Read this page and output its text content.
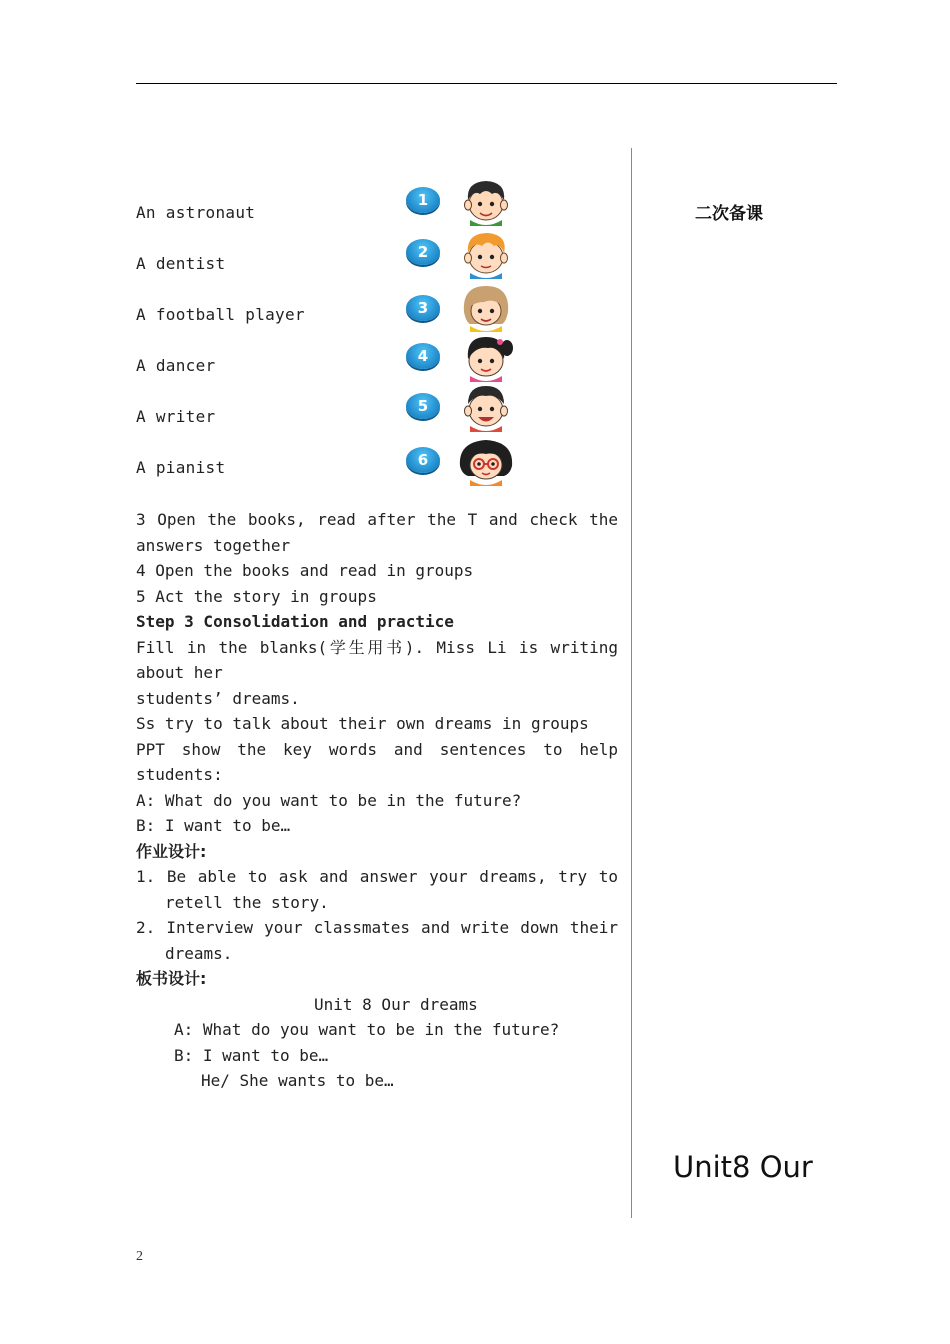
An astronaut
A dentist
A football player
A dancer
A writer
A pianist
1
2
3
4
5
6
3 Open the books, read after the T and check the
answers together
4 Open the books and read in groups
5 Act the story in groups
Step 3 Consolidation and practice
Fill in the blanks(学生用书). Miss Li is writing
about her
students’ dreams.
Ss try to talk about their own dreams in groups
PPT show the key words and sentences to help
students:
A: What do you want to be in the future?
B: I want to be…
作业设计:
1. Be able to ask and answer your dreams, try to
retell the story.
2. Interview your classmates and write down their
dreams.
板书设计:
Unit 8 Our dreams
A: What do you want to be in the future?
B: I want to be…
He/ She wants to be…
二次备课
Unit8 Our
2
